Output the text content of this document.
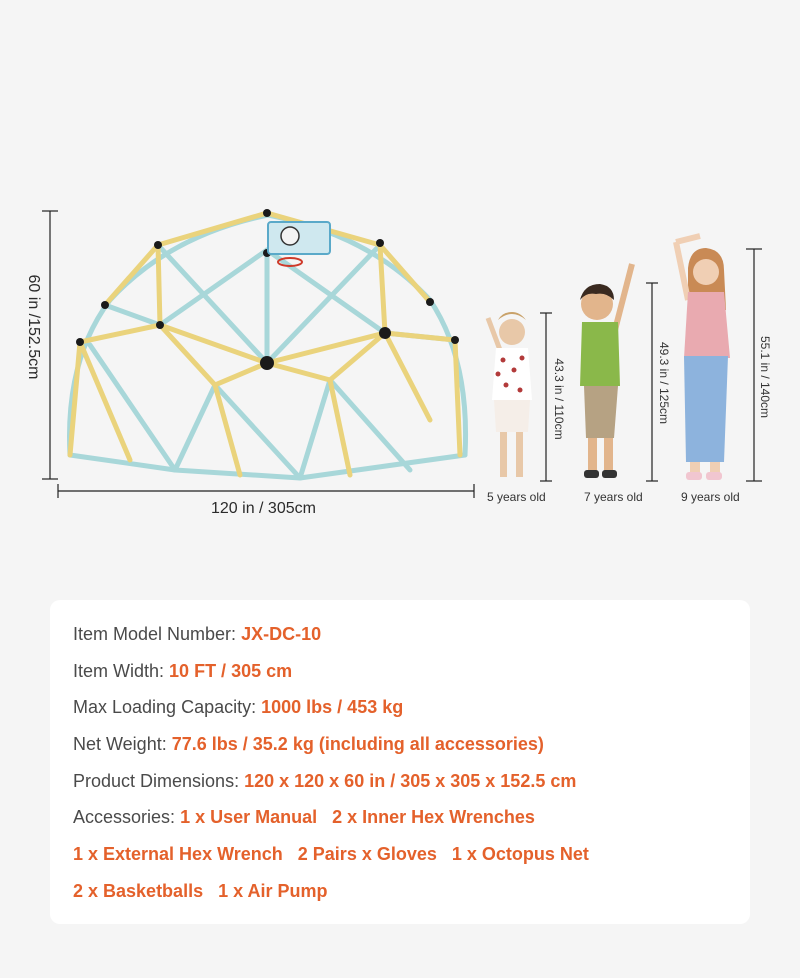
60 in /152.5cm
120 in / 305cm
43.3 in / 110cm	49.3 in / 125cm	55.1 in / 140cm
5 years old	7 years old	9 years old
Item Model Number: JX-DC-10
Item Width: 10 FT / 305 cm
Max Loading Capacity: 1000 lbs / 453 kg
Net Weight: 77.6 lbs / 35.2 kg (including all accessories)
Product Dimensions: 120 x 120 x 60 in / 305 x 305 x 152.5 cm
Accessories: 1 x User Manual 2 x Inner Hex Wrenches
1 x External Hex Wrench 2 Pairs x Gloves 1 x Octopus Net
2 x Basketballs 1 x Air Pump
